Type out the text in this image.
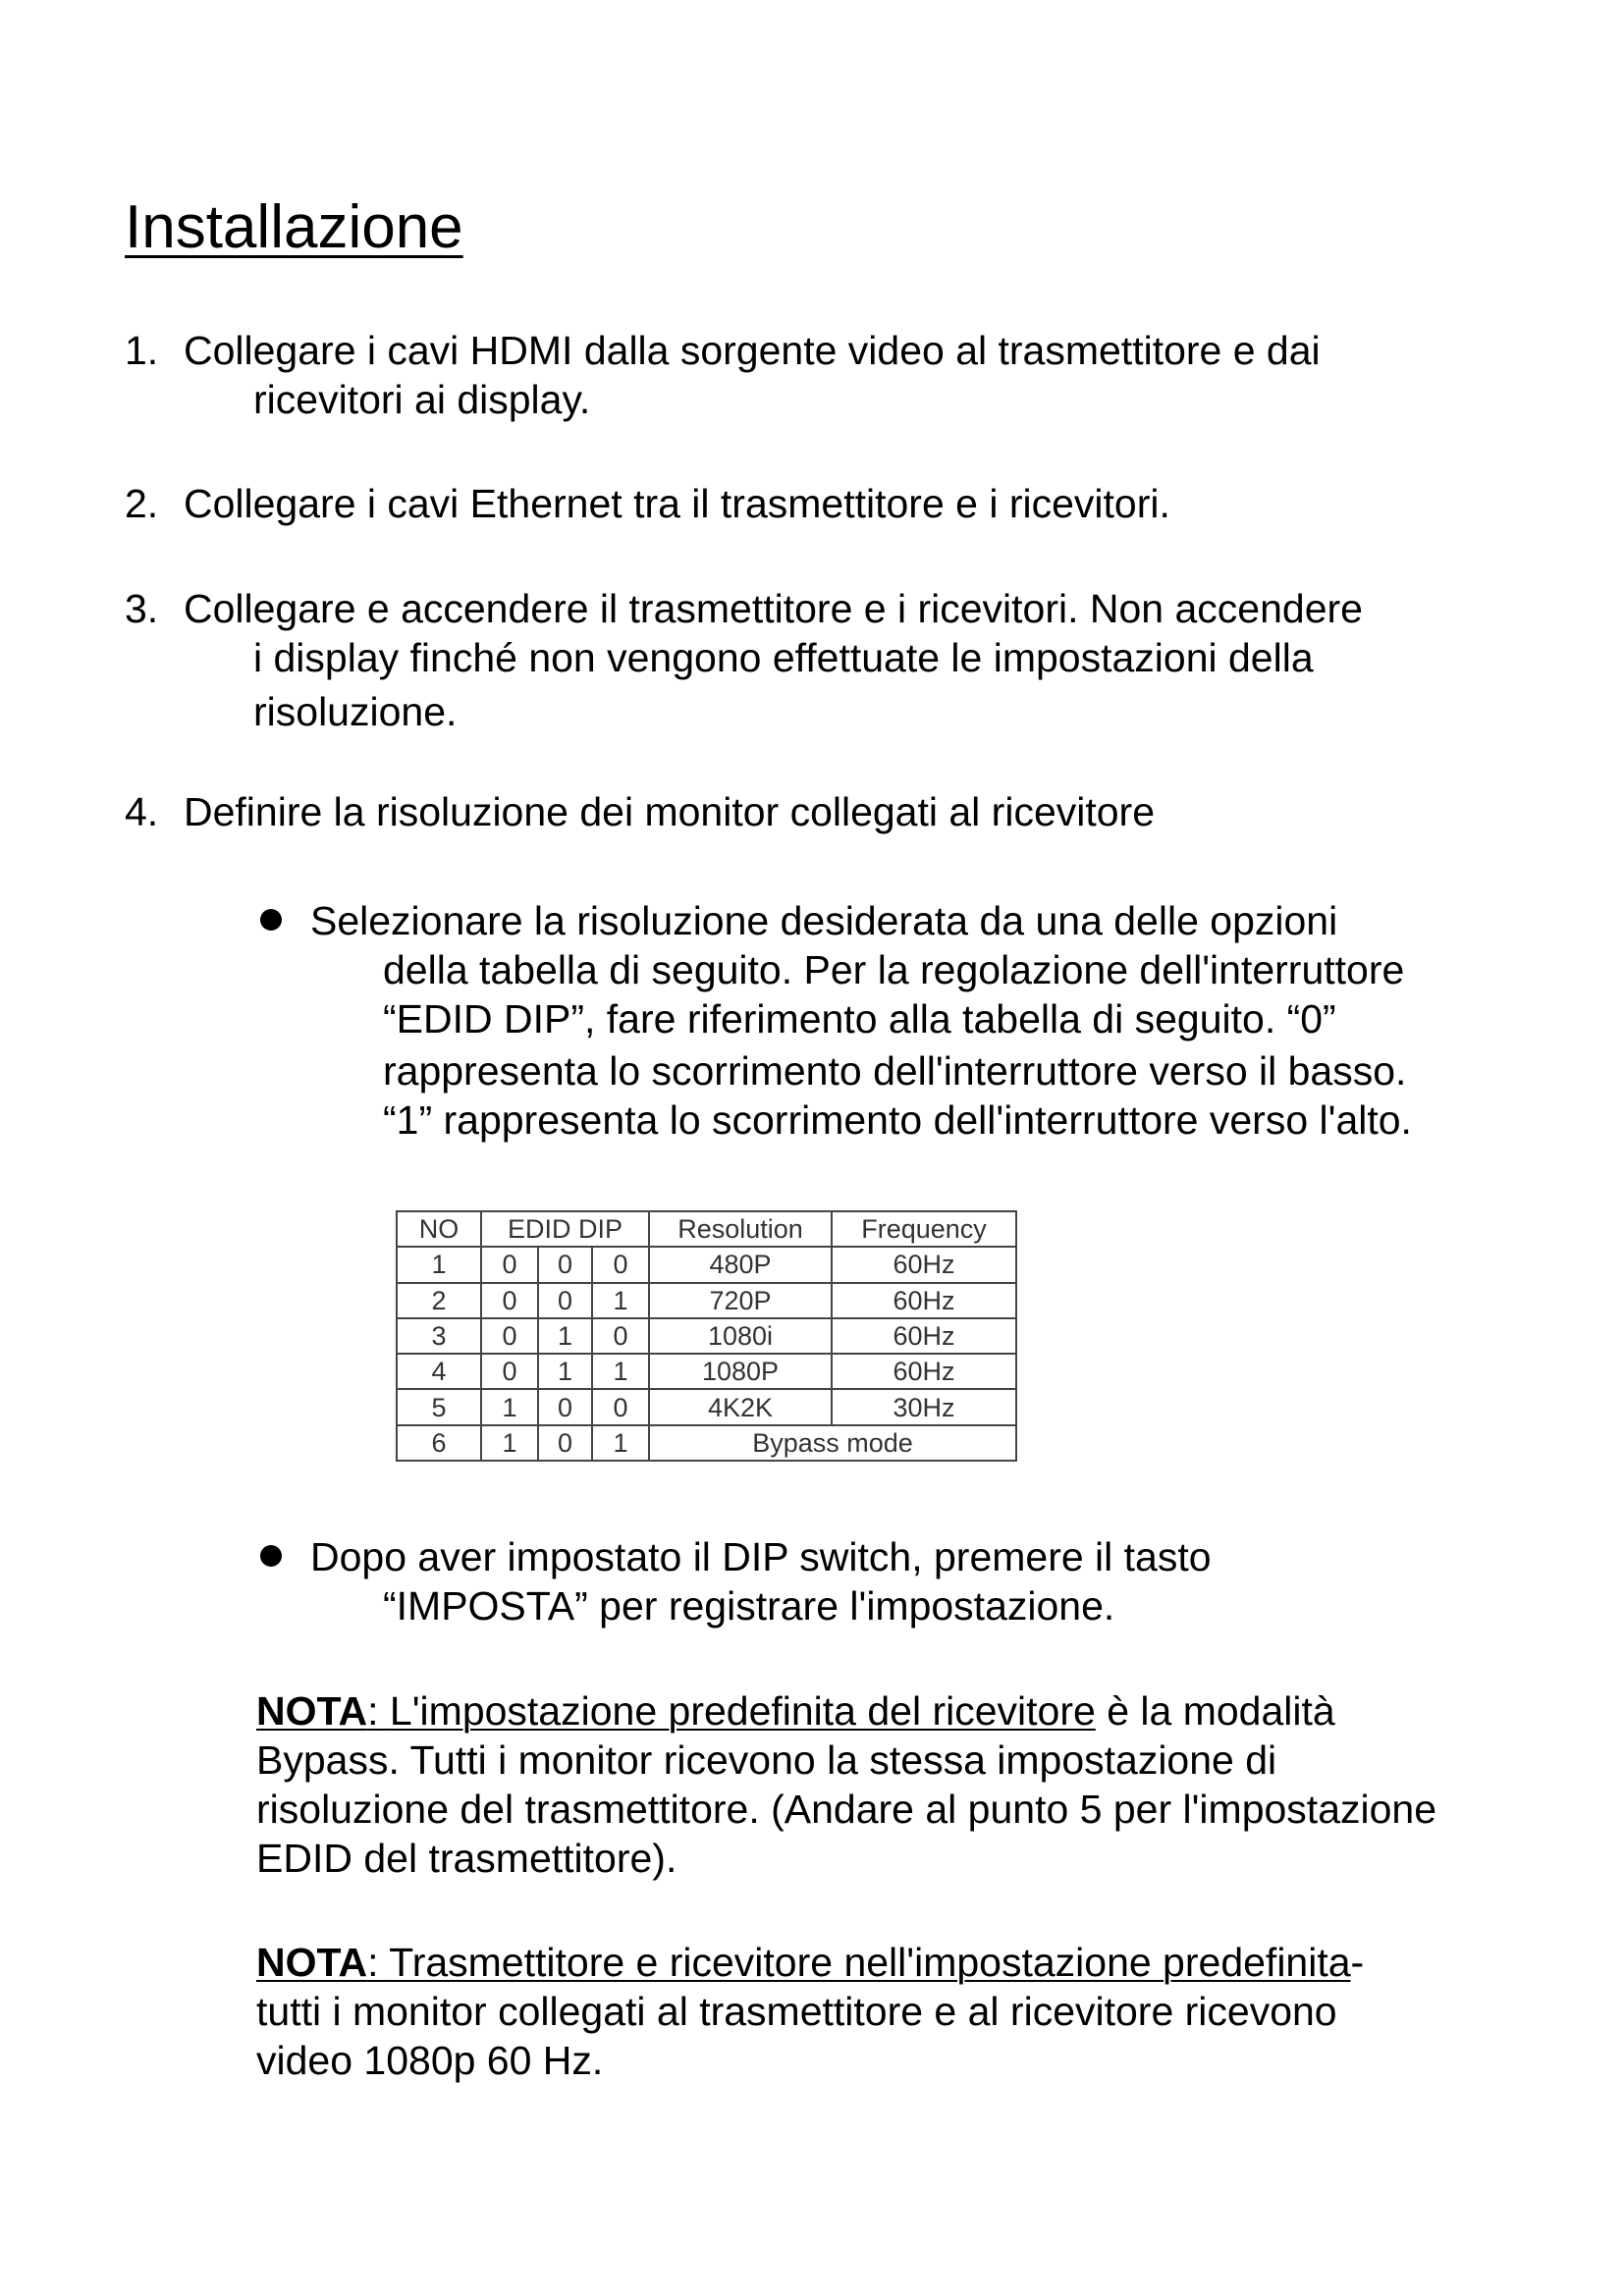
Installazione
1. Collegare i cavi HDMI dalla sorgente video al trasmettitore e dai
ricevitori ai display.
2. Collegare i cavi Ethernet tra il trasmettitore e i ricevitori.
3. Collegare e accendere il trasmettitore e i ricevitori. Non accendere
i display finché non vengono effettuate le impostazioni della
risoluzione.
4. Definire la risoluzione dei monitor collegati al ricevitore
Selezionare la risoluzione desiderata da una delle opzioni
della tabella di seguito. Per la regolazione dell'interruttore
“EDID DIP”, fare riferimento alla tabella di seguito. “0”
rappresenta lo scorrimento dell'interruttore verso il basso.
“1” rappresenta lo scorrimento dell'interruttore verso l'alto.
NO	EDID DIP			Resolution	Frequency
1	0	0	0	480P	60Hz
2	0	0	1	720P	60Hz
3	0	1	0	1080i	60Hz
4	0	1	1	1080P	60Hz
5	1	0	0	4K2K	30Hz
6	1	0	1	Bypass mode	
Dopo aver impostato il DIP switch, premere il tasto
“IMPOSTA” per registrare l'impostazione.
NOTA: L'impostazione predefinita del ricevitore è la modalità
Bypass. Tutti i monitor ricevono la stessa impostazione di
risoluzione del trasmettitore. (Andare al punto 5 per l'impostazione
EDID del trasmettitore).
NOTA: Trasmettitore e ricevitore nell'impostazione predefinita-
tutti i monitor collegati al trasmettitore e al ricevitore ricevono
video 1080p 60 Hz.
